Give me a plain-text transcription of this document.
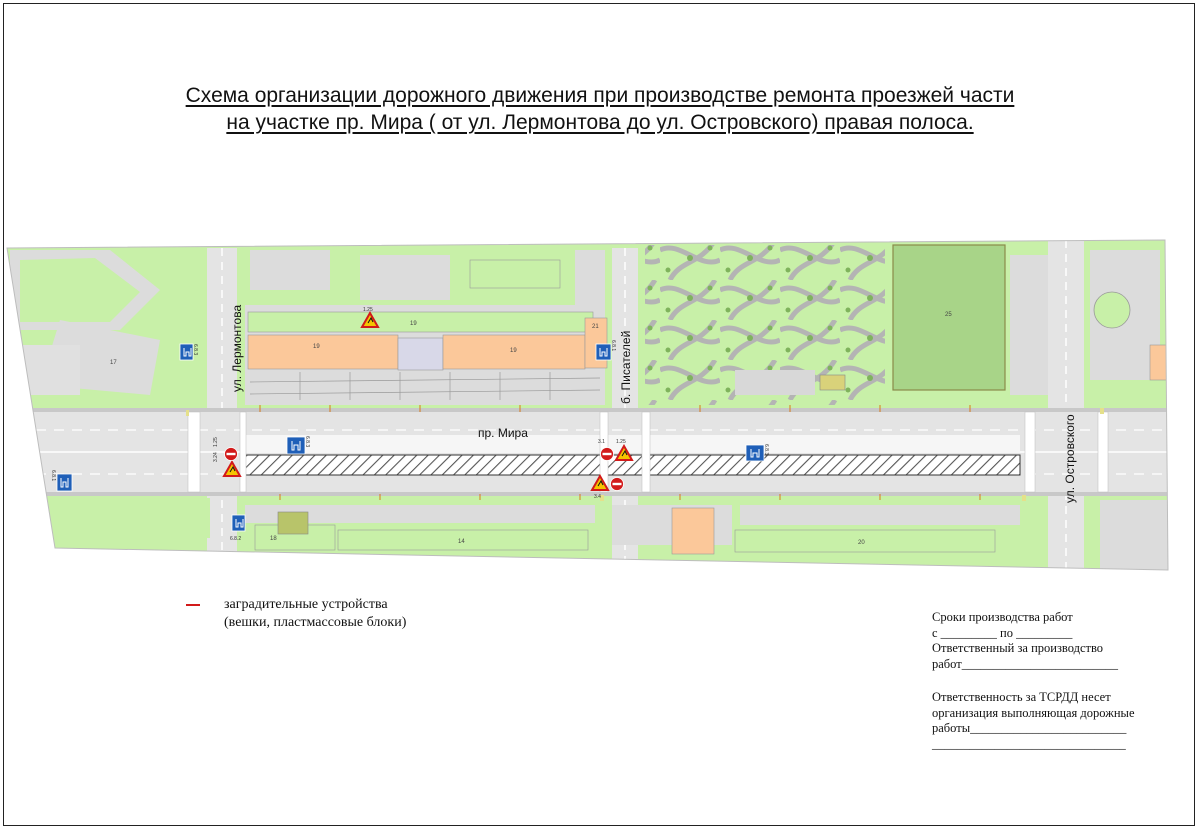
Схема организации дорожного движения при производстве ремонта проезжей части
на участке пр. Мира ( от ул. Лермонтова до ул. Островского) правая полоса.
17
19
19
19	21
25
18	14	20
пр. Мира
ул. Лермонтова	б. Писателей
ул. Островского
6.8.3	6.8.1
6.8.2
6.8.3
6.8.1
6.8.3
1.25
1.25	1.25
3.4
3.24
3.1
заградительные устройства
(вешки, пластмассовые блоки)	Сроки производства работ
с _________ по _________
Ответственный за производство
работ_________________________
Ответственность за ТСРДД несет
организация выполняющая дорожные
работы_________________________
_______________________________
